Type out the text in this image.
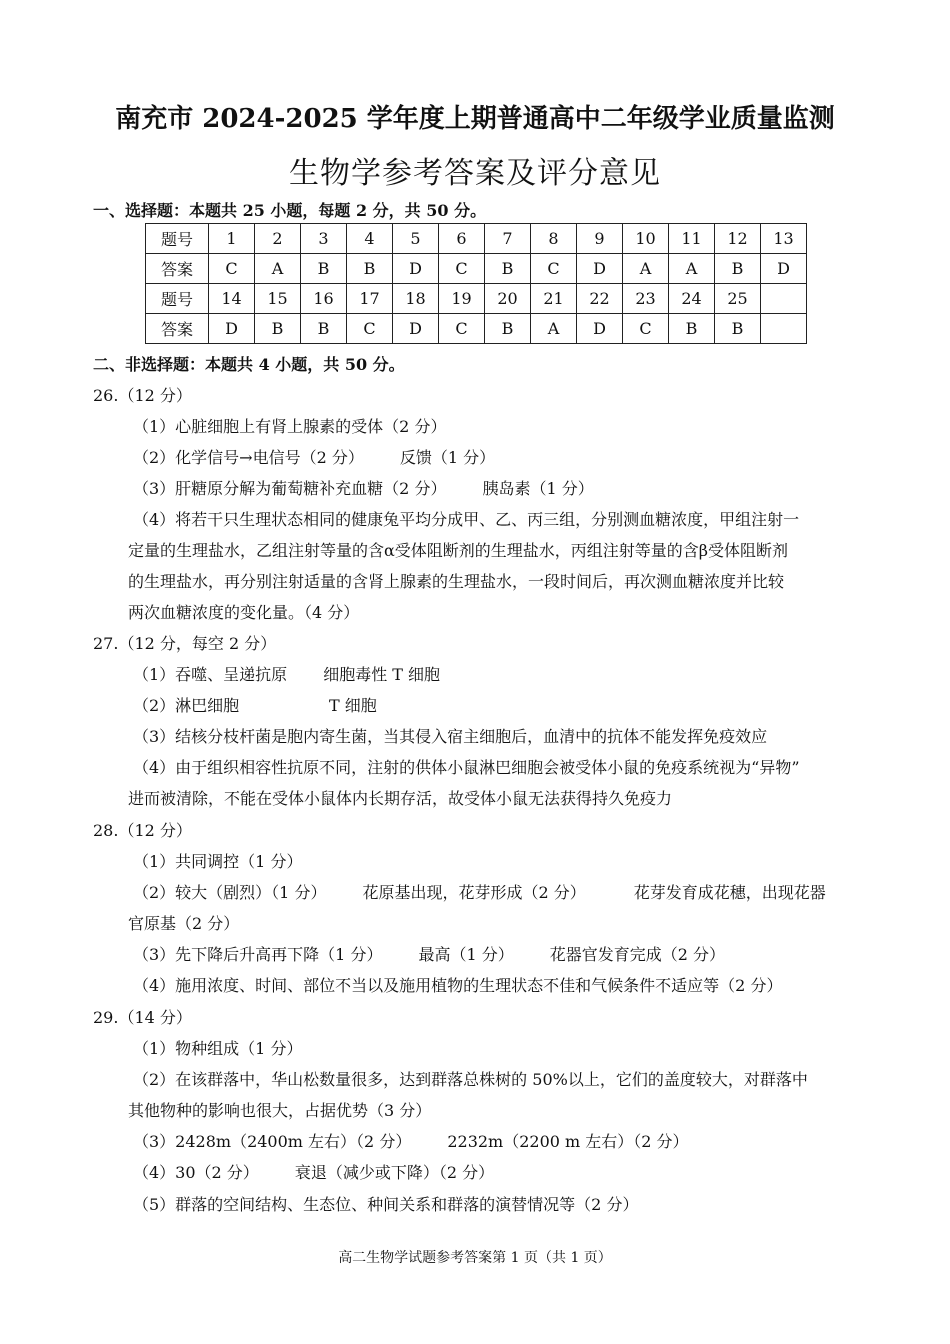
南充市 2024-2025 学年度上期普通高中二年级学业质量监测
生物学参考答案及评分意见
一、选择题：本题共 25 小题，每题 2 分，共 50 分。
题号	1	2	3	4	5	6	7	8	9	10	11	12	13
答案	C	A	B	B	D	C	B	C	D	A	A	B	D
题号	14	15	16	17	18	19	20	21	22	23	24	25	
答案	D	B	B	C	D	C	B	A	D	C	B	B	
二、非选择题：本题共 4 小题，共 50 分。
26.（12 分）
（1）心脏细胞上有肾上腺素的受体（2 分）
（2）化学信号→电信号（2 分） 反馈（1 分）
（3）肝糖原分解为葡萄糖补充血糖（2 分） 胰岛素（1 分）
（4）将若干只生理状态相同的健康兔平均分成甲、乙、丙三组，分别测血糖浓度，甲组注射一
定量的生理盐水，乙组注射等量的含α受体阻断剂的生理盐水，丙组注射等量的含β受体阻断剂
的生理盐水，再分别注射适量的含肾上腺素的生理盐水，一段时间后，再次测血糖浓度并比较
两次血糖浓度的变化量。（4 分）
27.（12 分，每空 2 分）
（1）吞噬、呈递抗原 细胞毒性 T 细胞
（2）淋巴细胞	T 细胞
（3）结核分枝杆菌是胞内寄生菌，当其侵入宿主细胞后，血清中的抗体不能发挥免疫效应
（4）由于组织相容性抗原不同，注射的供体小鼠淋巴细胞会被受体小鼠的免疫系统视为“异物”
进而被清除，不能在受体小鼠体内长期存活，故受体小鼠无法获得持久免疫力
28.（12 分）
（1）共同调控（1 分）
（2）较大（剧烈）（1 分） 花原基出现，花芽形成（2 分）	花芽发育成花穗，出现花器
官原基（2 分）
（3）先下降后升高再下降（1 分） 最高（1 分） 花器官发育完成（2 分）
（4）施用浓度、时间、部位不当以及施用植物的生理状态不佳和气候条件不适应等（2 分）
29.（14 分）
（1）物种组成（1 分）
（2）在该群落中，华山松数量很多，达到群落总株树的 50%以上，它们的盖度较大，对群落中
其他物种的影响也很大，占据优势（3 分）
（3）2428m（2400m 左右）（2 分） 2232m（2200 m 左右）（2 分）
（4）30（2 分） 衰退（减少或下降）（2 分）
（5）群落的空间结构、生态位、种间关系和群落的演替情况等（2 分）
高二生物学试题参考答案第 1 页（共 1 页）
